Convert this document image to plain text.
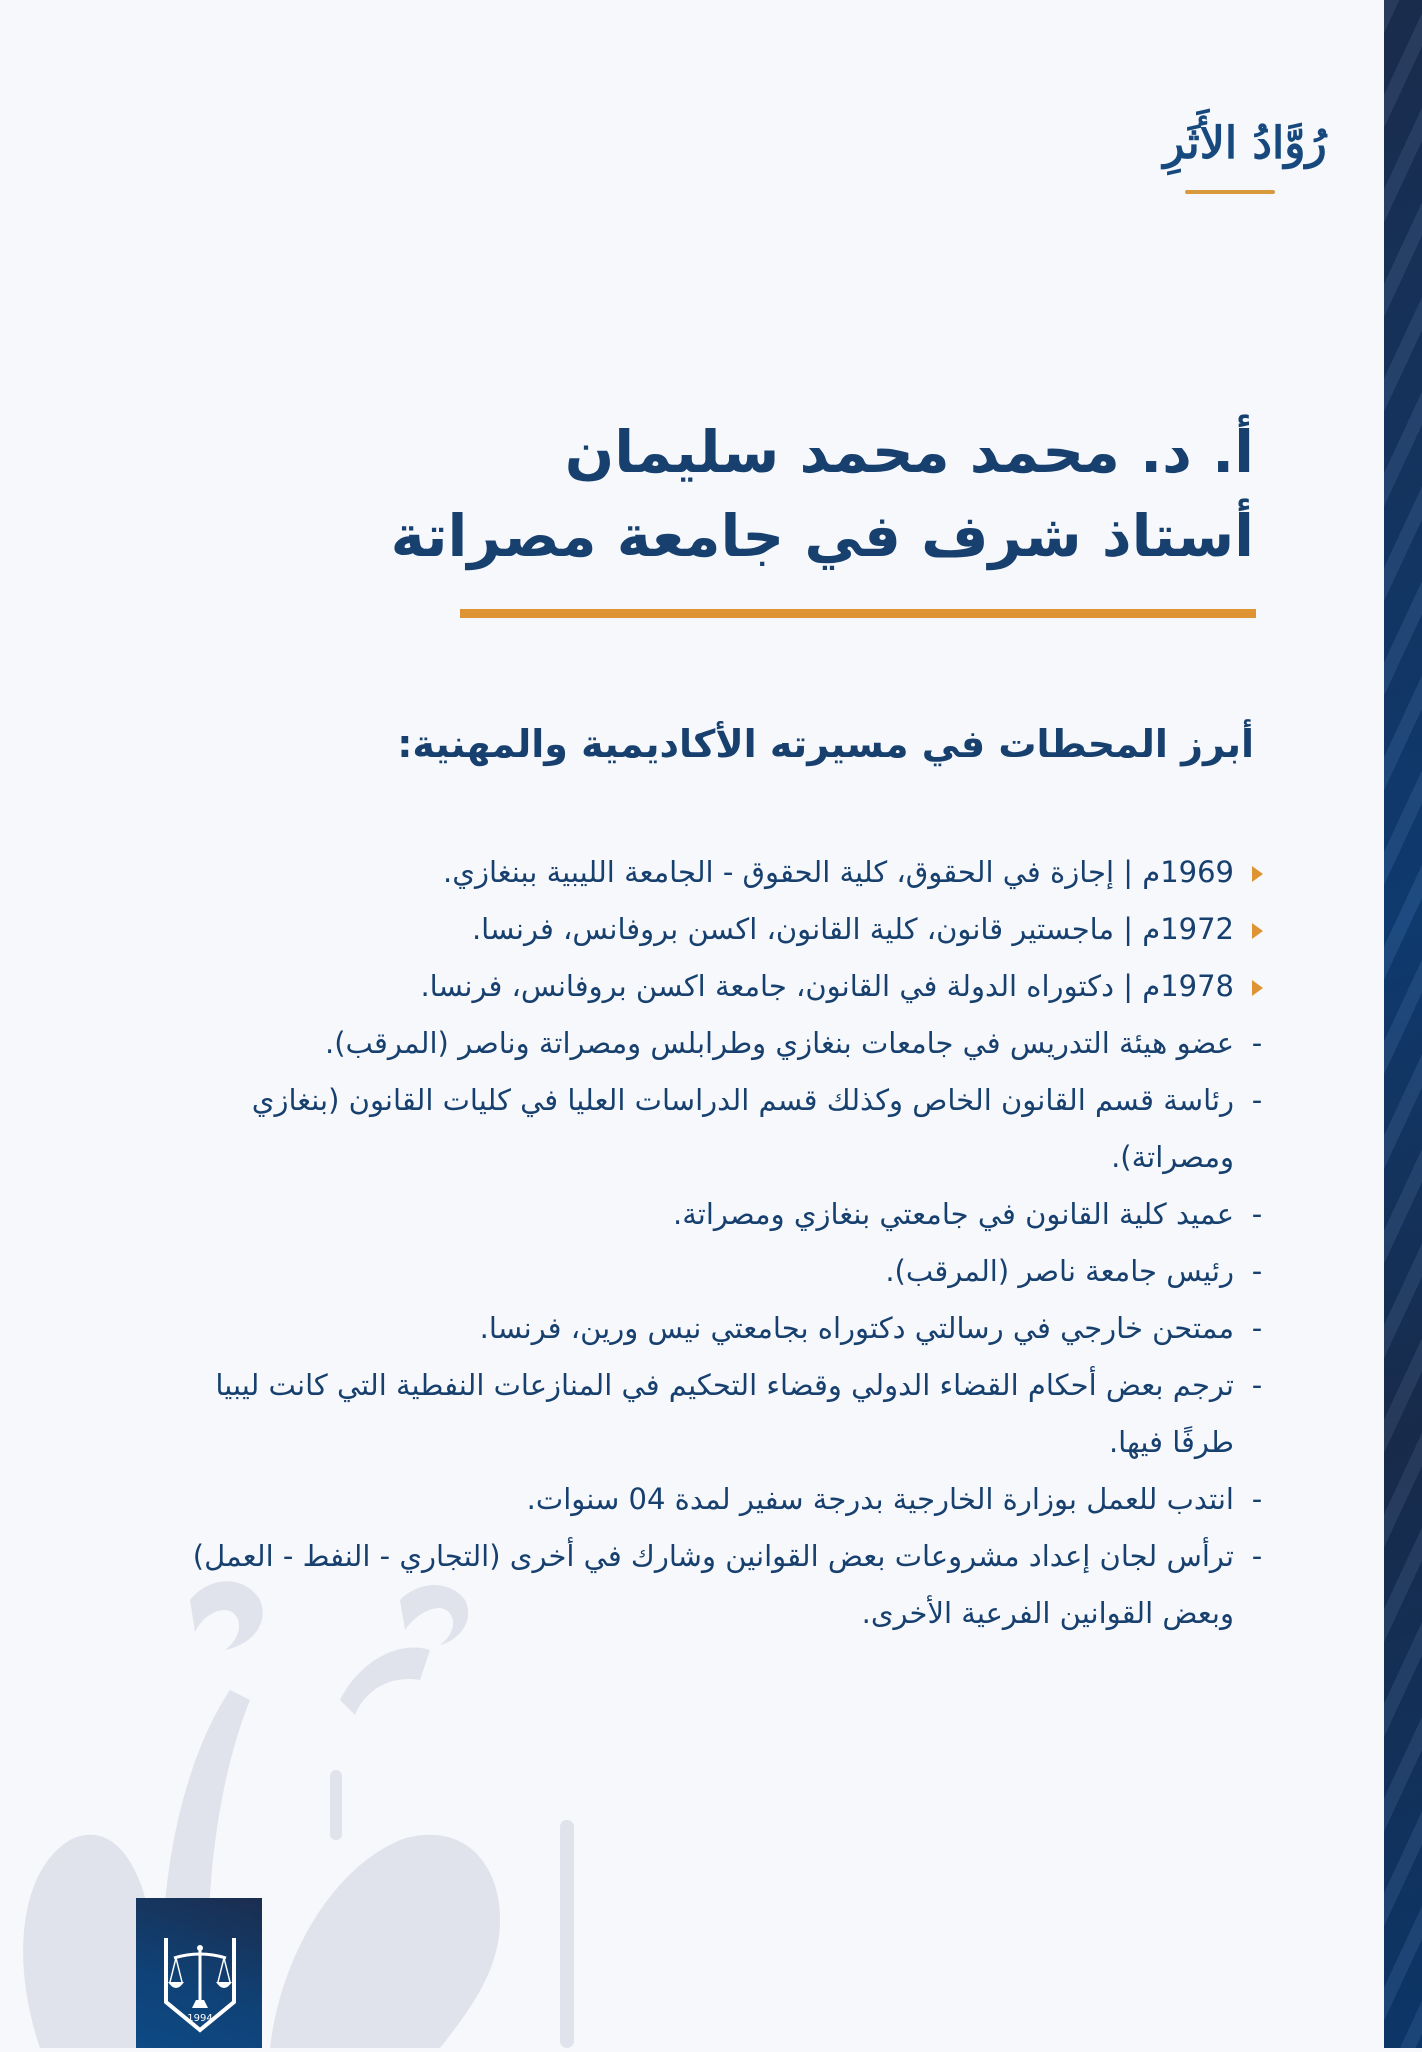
رُوَّادُ الأَثَرِ
أ. د. محمد محمد سليمان
أستاذ شرف في جامعة مصراتة
أبرز المحطات في مسيرته الأكاديمية والمهنية:
1969م | إجازة في الحقوق، كلية الحقوق - الجامعة الليبية ببنغازي.
1972م | ماجستير قانون، كلية القانون، اكسن بروفانس، فرنسا.
1978م | دكتوراه الدولة في القانون، جامعة اكسن بروفانس، فرنسا.
-
عضو هيئة التدريس في جامعات بنغازي وطرابلس ومصراتة وناصر (المرقب).
-
رئاسة قسم القانون الخاص وكذلك قسم الدراسات العليا في كليات القانون (بنغازي ومصراتة).
-
عميد كلية القانون في جامعتي بنغازي ومصراتة.
-
رئيس جامعة ناصر (المرقب).
-
ممتحن خارجي في رسالتي دكتوراه بجامعتي نيس ورين، فرنسا.
-
ترجم بعض أحكام القضاء الدولي وقضاء التحكيم في المنازعات النفطية التي كانت ليبيا طرفًا فيها.
-
انتدب للعمل بوزارة الخارجية بدرجة سفير لمدة 04 سنوات.
-
ترأس لجان إعداد مشروعات بعض القوانين وشارك في أخرى (التجاري - النفط - العمل) وبعض القوانين الفرعية الأخرى.
1994
